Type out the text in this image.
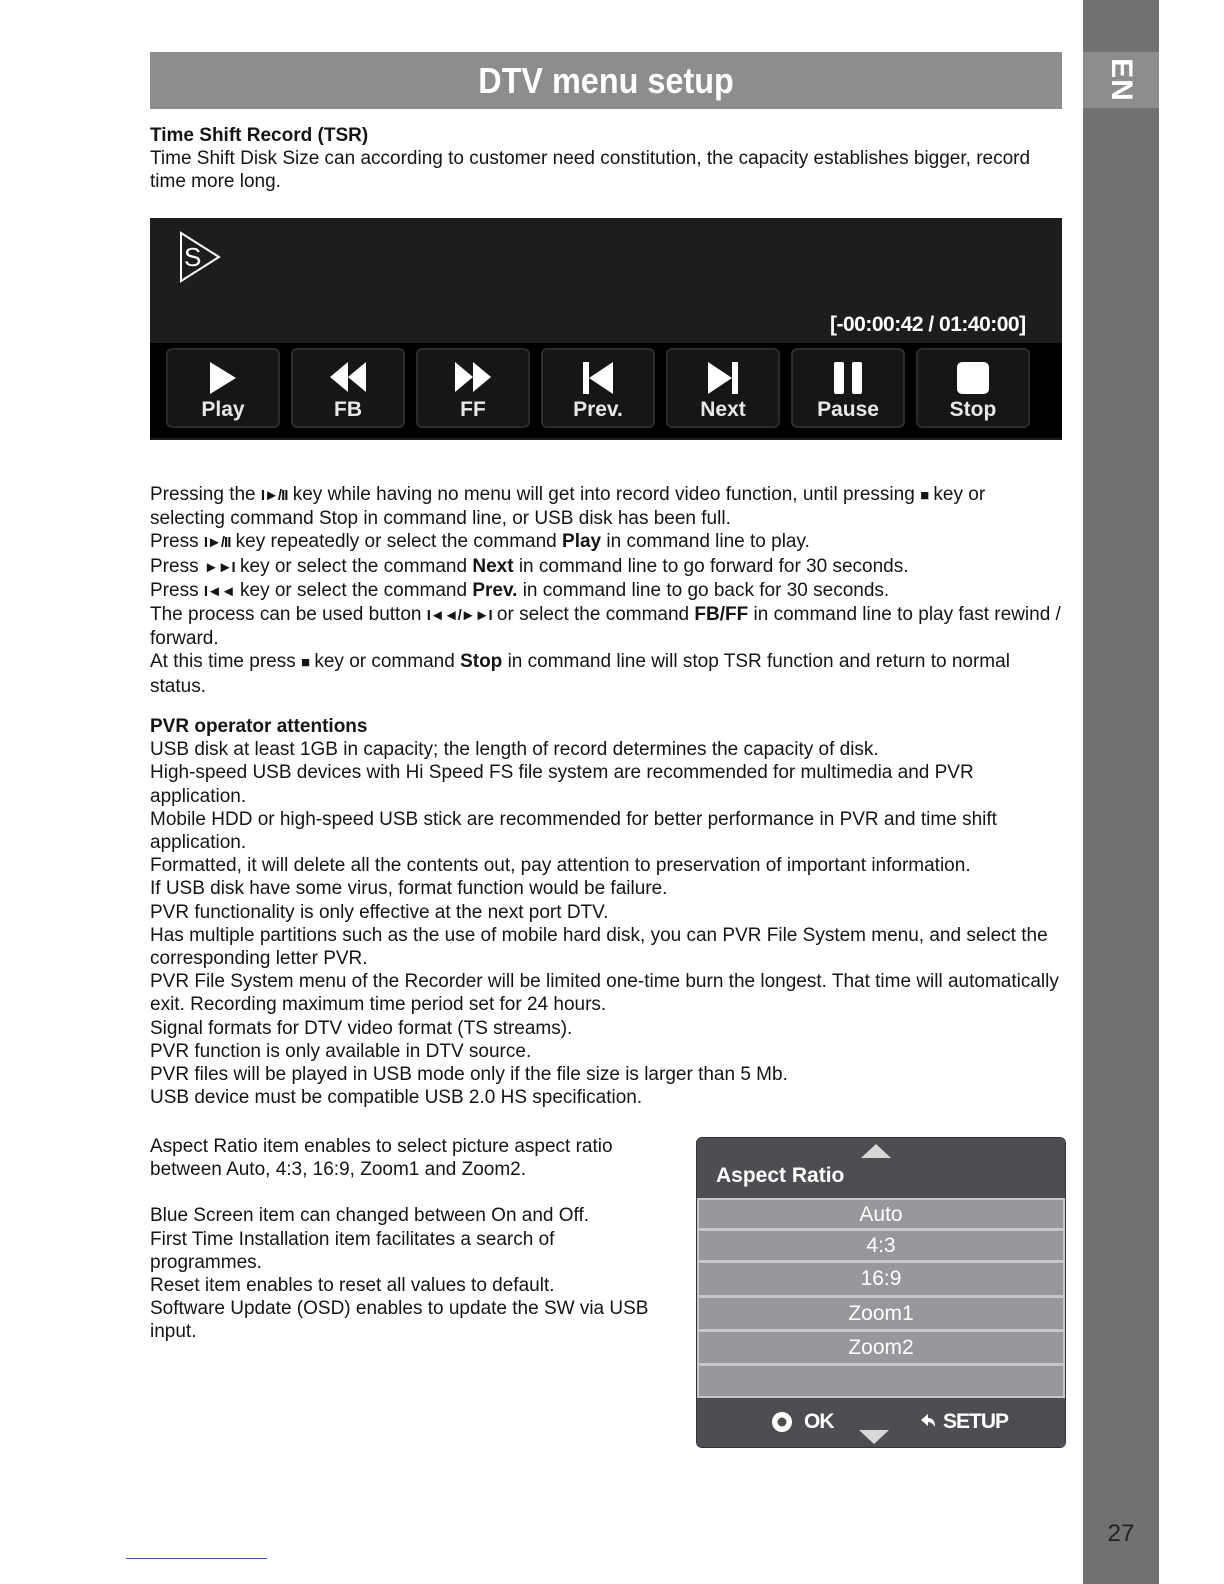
EN
27
DTV menu setup

Time Shift Record (TSR)

Time Shift Disk Size can according to customer need constitution, the capacity establishes bigger, record time more long.

S
[-00:00:42 / 01:40:00]
Play	FB	FF	Prev.	Next	Pause	Stop

Pressing the I►/II key while having no menu will get into record video function, until pressing ■ key or selecting command Stop in command line, or USB disk has been full.

Press I►/II key repeatedly or select the command Play in command line to play.

Press ►►I key or select the command Next in command line to go forward for 30 seconds.

Press I◄◄ key or select the command Prev. in command line to go back for 30 seconds.

The process can be used button I◄◄/►►I or select the command FB/FF in command line to play fast rewind / forward.

At this time press ■ key or command Stop in command line will stop TSR function and return to normal status.

PVR operator attentions

USB disk at least 1GB in capacity; the length of record determines the capacity of disk.

High-speed USB devices with Hi Speed FS file system are recommended for multimedia and PVR application.

Mobile HDD or high-speed USB stick are recommended for better performance in PVR and time shift application.

Formatted, it will delete all the contents out, pay attention to preservation of important information.

If USB disk have some virus, format function would be failure.

PVR functionality is only effective at the next port DTV.

Has multiple partitions such as the use of mobile hard disk, you can PVR File System menu, and select the corresponding letter PVR.

PVR File System menu of the Recorder will be limited one-time burn the longest. That time will automatically exit. Recording maximum time period set for 24 hours.

Signal formats for DTV video format (TS streams).

PVR function is only available in DTV source.

PVR files will be played in USB mode only if the file size is larger than 5 Mb.

USB device must be compatible USB 2.0 HS specification.

Aspect Ratio item enables to select picture aspect ratio between Auto, 4:3, 16:9, Zoom1 and Zoom2.

Blue Screen item can changed between On and Off.

First Time Installation item facilitates a search of programmes.

Reset item enables to reset all values to default.

Software Update (OSD) enables to update the SW via USB input.

Aspect Ratio
Auto
4:3
16:9
Zoom1
Zoom2
OK	SETUP
